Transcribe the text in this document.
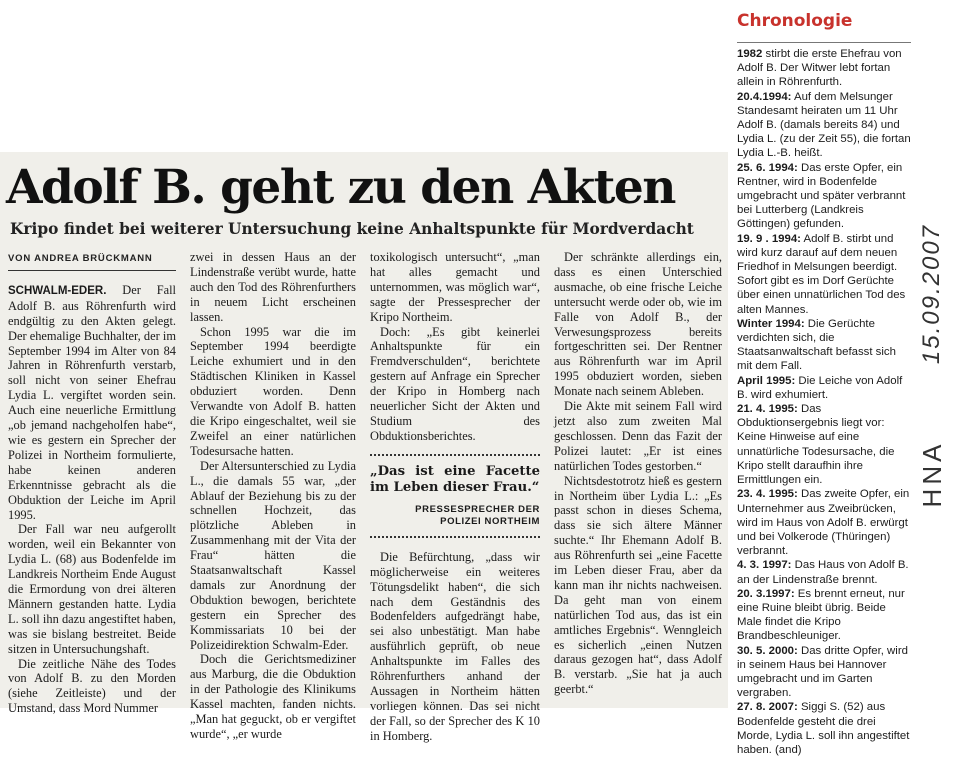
Adolf B. geht zu den Akten
Kripo findet bei weiterer Untersuchung keine Anhaltspunkte für Mordverdacht
VON ANDREA BRÜCKMANN

SCHWALM-EDER. Der Fall Adolf B. aus Röhrenfurth wird endgültig zu den Akten gelegt. Der ehemalige Buchhalter, der im September 1994 im Alter von 84 Jahren in Röhrenfurth verstarb, soll nicht von seiner Ehefrau Lydia L. vergiftet worden sein. Auch eine neuerliche Ermittlung „ob jemand nachgeholfen habe“, wie es gestern ein Sprecher der Polizei in Northeim formulierte, habe keinen anderen Erkenntnisse gebracht als die Obduktion der Leiche im April 1995.

Der Fall war neu aufgerollt worden, weil ein Bekannter von Lydia L. (68) aus Bodenfelde im Landkreis Northeim Ende August die Ermordung von drei älteren Männern gestanden hatte. Lydia L. soll ihn dazu angestiftet haben, was sie bislang bestreitet. Beide sitzen in Untersuchungshaft.

Die zeitliche Nähe des Todes von Adolf B. zu den Morden (siehe Zeitleiste) und der Umstand, dass Mord Nummer

zwei in dessen Haus an der Lindenstraße verübt wurde, hatte auch den Tod des Röhrenfurthers in neuem Licht erscheinen lassen.

Schon 1995 war die im September 1994 beerdigte Leiche exhumiert und in den Städtischen Kliniken in Kassel obduziert worden. Denn Verwandte von Adolf B. hatten die Kripo eingeschaltet, weil sie Zweifel an einer natürlichen Todesursache hatten.

Der Altersunterschied zu Lydia L., die damals 55 war, „der Ablauf der Beziehung bis zu der schnellen Hochzeit, das plötzliche Ableben in Zusammenhang mit der Vita der Frau“ hätten die Staatsanwaltschaft Kassel damals zur Anordnung der Obduktion bewogen, berichtete gestern ein Sprecher des Kommissariats 10 bei der Polizeidirektion Schwalm-Eder.

Doch die Gerichtsmediziner aus Marburg, die die Obduktion in der Pathologie des Klinikums Kassel machten, fanden nichts. „Man hat geguckt, ob er vergiftet wurde“, „er wurde

toxikologisch untersucht“, „man hat alles gemacht und unternommen, was möglich war“, sagte der Pressesprecher der Kripo Northeim.

Doch: „Es gibt keinerlei Anhaltspunkte für ein Fremdverschulden“, berichtete gestern auf Anfrage ein Sprecher der Kripo in Homberg nach neuerlicher Sicht der Akten und Studium des Obduktionsberichtes.

„Das ist eine Facette im Leben dieser Frau.“
PRESSESPRECHER DER
POLIZEI NORTHEIM

Die Befürchtung, „dass wir möglicherweise ein weiteres Tötungsdelikt haben“, die sich nach dem Geständnis des Bodenfelders aufgedrängt habe, sei also unbestätigt. Man habe ausführlich geprüft, ob neue Anhaltspunkte im Falles des Röhrenfurthers anhand der Aussagen in Northeim hätten vorliegen können. Das sei nicht der Fall, so der Sprecher des K 10 in Homberg.

Der schränkte allerdings ein, dass es einen Unterschied ausmache, ob eine frische Leiche untersucht werde oder ob, wie im Falle von Adolf B., der Verwesungsprozess bereits fortgeschritten sei. Der Rentner aus Röhrenfurth war im April 1995 obduziert worden, sieben Monate nach seinem Ableben.

Die Akte mit seinem Fall wird jetzt also zum zweiten Mal geschlossen. Denn das Fazit der Polizei lautet: „Er ist eines natürlichen Todes gestorben.“

Nichtsdestotrotz hieß es gestern in Northeim über Lydia L.: „Es passt schon in dieses Schema, dass sie sich ältere Männer suchte.“ Ihr Ehemann Adolf B. aus Röhrenfurth sei „eine Facette im Leben dieser Frau, aber da kann man ihr nichts nachweisen. Da geht man von einem natürlichen Tod aus, das ist ein amtliches Ergebnis“. Wenngleich es sicherlich „einen Nutzen daraus gezogen hat“, dass Adolf B. verstarb. „Sie hat ja auch geerbt.“

Chronologie
1982 stirbt die erste Ehefrau von Adolf B. Der Witwer lebt fortan allein in Röhrenfurth.
20.4.1994: Auf dem Melsunger Standesamt heiraten um 11 Uhr Adolf B. (damals bereits 84) und Lydia L. (zu der Zeit 55), die fortan Lydia L.-B. heißt.
25. 6. 1994: Das erste Opfer, ein Rentner, wird in Bodenfelde umgebracht und später verbrannt bei Lutterberg (Landkreis Göttingen) gefunden.
19. 9 . 1994: Adolf B. stirbt und wird kurz darauf auf dem neuen Friedhof in Melsungen beerdigt. Sofort gibt es im Dorf Gerüchte über einen unnatürlichen Tod des alten Mannes.
Winter 1994: Die Gerüchte verdichten sich, die Staatsanwaltschaft befasst sich mit dem Fall.
April 1995: Die Leiche von Adolf B. wird exhumiert.
21. 4. 1995: Das Obduktionsergebnis liegt vor: Keine Hinweise auf eine unnatürliche Todesursache, die Kripo stellt daraufhin ihre Ermittlungen ein.
23. 4. 1995: Das zweite Opfer, ein Unternehmer aus Zweibrücken, wird im Haus von Adolf B. erwürgt und bei Volkerode (Thüringen) verbrannt.
4. 3. 1997: Das Haus von Adolf B. an der Lindenstraße brennt.
20. 3.1997: Es brennt erneut, nur eine Ruine bleibt übrig. Beide Male findet die Kripo Brandbeschleuniger.
30. 5. 2000: Das dritte Opfer, wird in seinem Haus bei Hannover umgebracht und im Garten vergraben.
27. 8. 2007: Siggi S. (52) aus Bodenfelde gesteht die drei Morde, Lydia L. soll ihn angestiftet haben. (and)
15.09.2007
HNA
